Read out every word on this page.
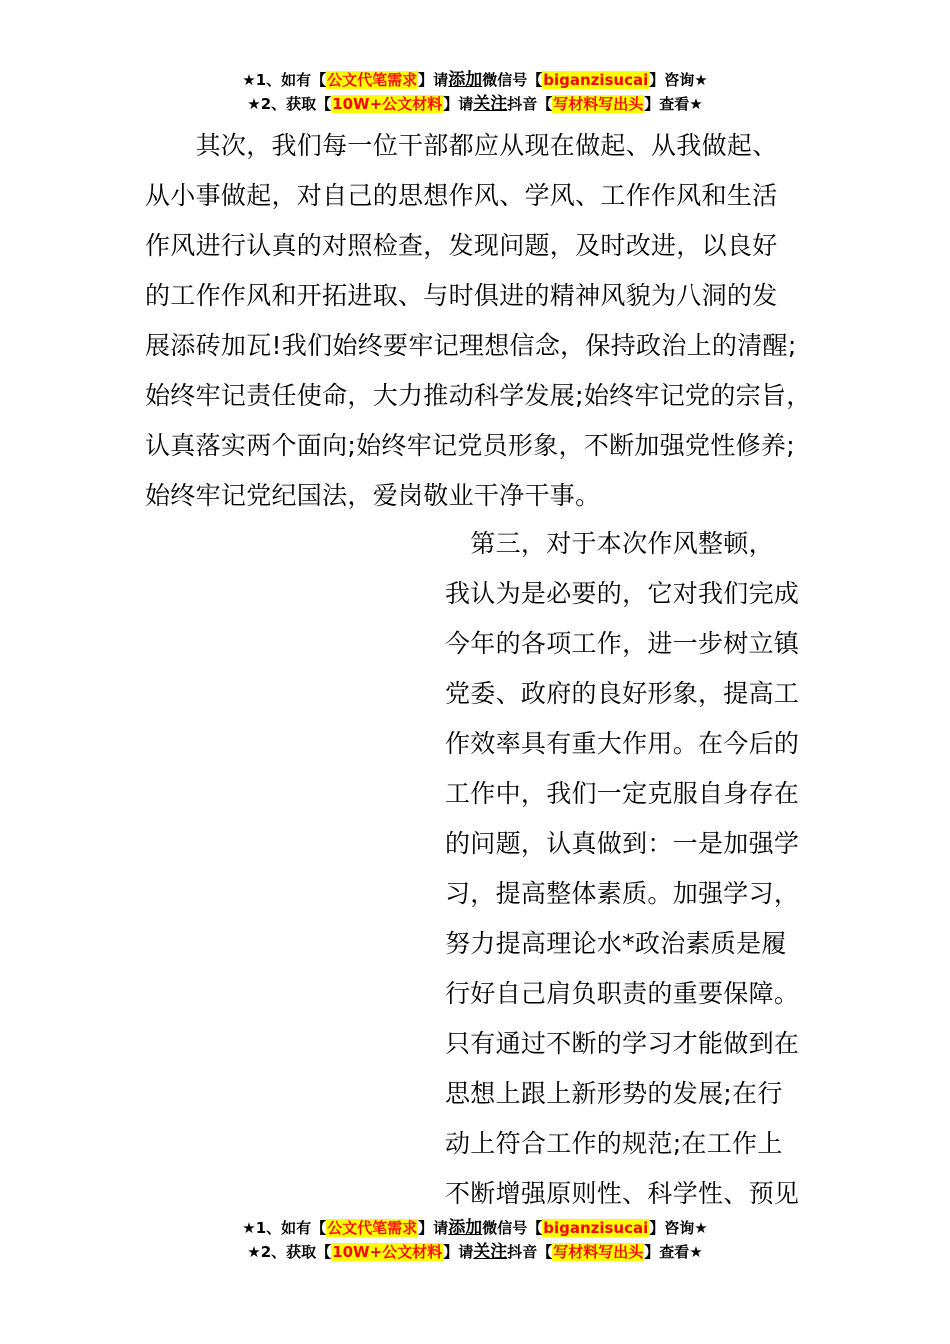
★1、如有【公文代笔需求】请添加微信号【biganzisucai】咨询★
★2、获取【10W+公文材料】请关注抖音【写材料写出头】查看★
　　其次，我们每一位干部都应从现在做起、从我做起、
从小事做起，对自己的思想作风、学风、工作作风和生活
作风进行认真的对照检查，发现问题，及时改进，以良好
的工作作风和开拓进取、与时俱进的精神风貌为八洞的发
展添砖加瓦!我们始终要牢记理想信念，保持政治上的清醒;
始终牢记责任使命，大力推动科学发展;始终牢记党的宗旨，
认真落实两个面向;始终牢记党员形象，不断加强党性修养;
始终牢记党纪国法，爱岗敬业干净干事。
　第三，对于本次作风整顿，
我认为是必要的，它对我们完成
今年的各项工作，进一步树立镇
党委、政府的良好形象，提高工
作效率具有重大作用。在今后的
工作中，我们一定克服自身存在
的问题，认真做到：一是加强学
习，提高整体素质。加强学习，
努力提高理论水*政治素质是履
行好自己肩负职责的重要保障。
只有通过不断的学习才能做到在
思想上跟上新形势的发展;在行
动上符合工作的规范;在工作上
不断增强原则性、科学性、预见
★1、如有【公文代笔需求】请添加微信号【biganzisucai】咨询★
★2、获取【10W+公文材料】请关注抖音【写材料写出头】查看★
